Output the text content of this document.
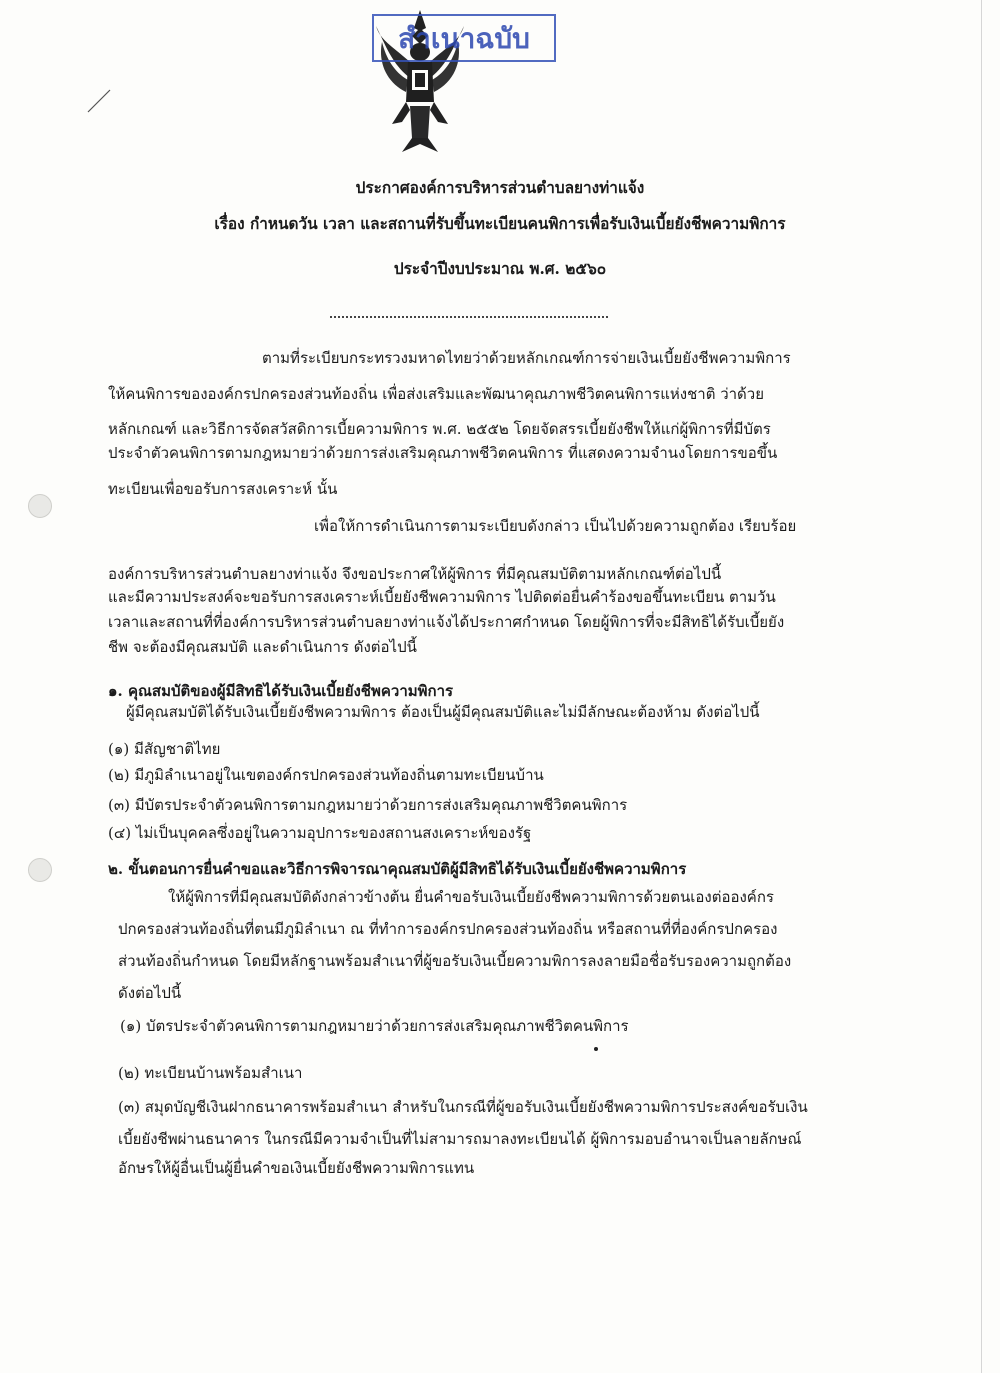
สำเนาฉบับ
ประกาศองค์การบริหารส่วนตำบลยางท่าแจ้ง
เรื่อง กำหนดวัน เวลา และสถานที่รับขึ้นทะเบียนคนพิการเพื่อรับเงินเบี้ยยังชีพความพิการ
ประจำปีงบประมาณ พ.ศ. ๒๕๖๐
ตามที่ระเบียบกระทรวงมหาดไทยว่าด้วยหลักเกณฑ์การจ่ายเงินเบี้ยยังชีพความพิการ
ให้คนพิการขององค์กรปกครองส่วนท้องถิ่น เพื่อส่งเสริมและพัฒนาคุณภาพชีวิตคนพิการแห่งชาติ ว่าด้วย
หลักเกณฑ์ และวิธีการจัดสวัสดิการเบี้ยความพิการ พ.ศ. ๒๕๕๒ โดยจัดสรรเบี้ยยังชีพให้แก่ผู้พิการที่มีบัตร
ประจำตัวคนพิการตามกฎหมายว่าด้วยการส่งเสริมคุณภาพชีวิตคนพิการ ที่แสดงความจำนงโดยการขอขึ้น
ทะเบียนเพื่อขอรับการสงเคราะห์ นั้น
เพื่อให้การดำเนินการตามระเบียบดังกล่าว เป็นไปด้วยความถูกต้อง เรียบร้อย
องค์การบริหารส่วนตำบลยางท่าแจ้ง จึงขอประกาศให้ผู้พิการ ที่มีคุณสมบัติตามหลักเกณฑ์ต่อไปนี้
และมีความประสงค์จะขอรับการสงเคราะห์เบี้ยยังชีพความพิการ ไปติดต่อยื่นคำร้องขอขึ้นทะเบียน ตามวัน
เวลาและสถานที่ที่องค์การบริหารส่วนตำบลยางท่าแจ้งได้ประกาศกำหนด โดยผู้พิการที่จะมีสิทธิได้รับเบี้ยยัง
ชีพ จะต้องมีคุณสมบัติ และดำเนินการ ดังต่อไปนี้
๑. คุณสมบัติของผู้มีสิทธิได้รับเงินเบี้ยยังชีพความพิการ
ผู้มีคุณสมบัติได้รับเงินเบี้ยยังชีพความพิการ ต้องเป็นผู้มีคุณสมบัติและไม่มีลักษณะต้องห้าม ดังต่อไปนี้
(๑) มีสัญชาติไทย
(๒) มีภูมิลำเนาอยู่ในเขตองค์กรปกครองส่วนท้องถิ่นตามทะเบียนบ้าน
(๓) มีบัตรประจำตัวคนพิการตามกฎหมายว่าด้วยการส่งเสริมคุณภาพชีวิตคนพิการ
(๔) ไม่เป็นบุคคลซึ่งอยู่ในความอุปการะของสถานสงเคราะห์ของรัฐ
๒. ขั้นตอนการยื่นคำขอและวิธีการพิจารณาคุณสมบัติผู้มีสิทธิได้รับเงินเบี้ยยังชีพความพิการ
ให้ผู้พิการที่มีคุณสมบัติดังกล่าวข้างต้น ยื่นคำขอรับเงินเบี้ยยังชีพความพิการด้วยตนเองต่อองค์กร
ปกครองส่วนท้องถิ่นที่ตนมีภูมิลำเนา ณ ที่ทำการองค์กรปกครองส่วนท้องถิ่น หรือสถานที่ที่องค์กรปกครอง
ส่วนท้องถิ่นกำหนด โดยมีหลักฐานพร้อมสำเนาที่ผู้ขอรับเงินเบี้ยความพิการลงลายมือชื่อรับรองความถูกต้อง
ดังต่อไปนี้
(๑) บัตรประจำตัวคนพิการตามกฎหมายว่าด้วยการส่งเสริมคุณภาพชีวิตคนพิการ
(๒) ทะเบียนบ้านพร้อมสำเนา
(๓) สมุดบัญชีเงินฝากธนาคารพร้อมสำเนา สำหรับในกรณีที่ผู้ขอรับเงินเบี้ยยังชีพความพิการประสงค์ขอรับเงิน
เบี้ยยังชีพผ่านธนาคาร ในกรณีมีความจำเป็นที่ไม่สามารถมาลงทะเบียนได้ ผู้พิการมอบอำนาจเป็นลายลักษณ์
อักษรให้ผู้อื่นเป็นผู้ยื่นคำขอเงินเบี้ยยังชีพความพิการแทน
